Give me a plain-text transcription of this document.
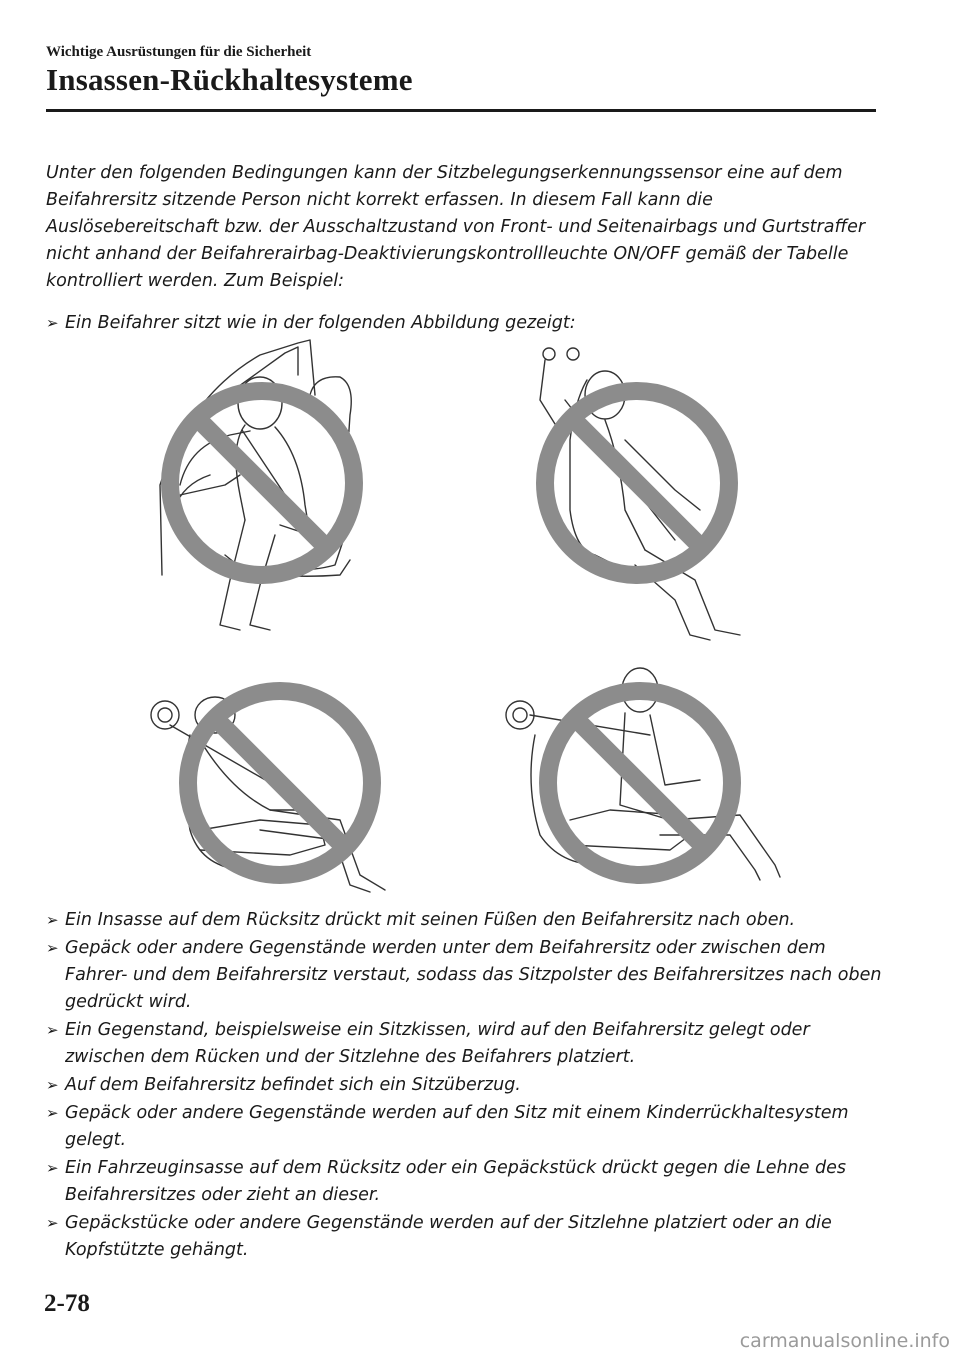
Wichtige Ausrüstungen für die Sicherheit
Insassen-Rückhaltesysteme

Unter den folgenden Bedingungen kann der Sitzbelegungserkennungssensor eine auf dem

Beifahrersitz sitzende Person nicht korrekt erfassen. In diesem Fall kann die

Auslösebereitschaft bzw. der Ausschaltzustand von Front- und Seitenairbags und Gurtstraffer

nicht anhand der Beifahrerairbag-Deaktivierungskontrollleuchte ON/OFF gemäß der Tabelle

kontrolliert werden. Zum Beispiel:

➢ Ein Beifahrer sitzt wie in der folgenden Abbildung gezeigt:
➢ Ein Insasse auf dem Rücksitz drückt mit seinen Füßen den Beifahrersitz nach oben.
➢ Gepäck oder andere Gegenstände werden unter dem Beifahrersitz oder zwischen dem
Fahrer- und dem Beifahrersitz verstaut, sodass das Sitzpolster des Beifahrersitzes nach oben
gedrückt wird.
➢ Ein Gegenstand, beispielsweise ein Sitzkissen, wird auf den Beifahrersitz gelegt oder
zwischen dem Rücken und der Sitzlehne des Beifahrers platziert.
➢ Auf dem Beifahrersitz befindet sich ein Sitzüberzug.
➢ Gepäck oder andere Gegenstände werden auf den Sitz mit einem Kinderrückhaltesystem
gelegt.
➢ Ein Fahrzeuginsasse auf dem Rücksitz oder ein Gepäckstück drückt gegen die Lehne des
Beifahrersitzes oder zieht an dieser.
➢ Gepäckstücke oder andere Gegenstände werden auf der Sitzlehne platziert oder an die
Kopfstützte gehängt.
2-78
carmanualsonline.info
